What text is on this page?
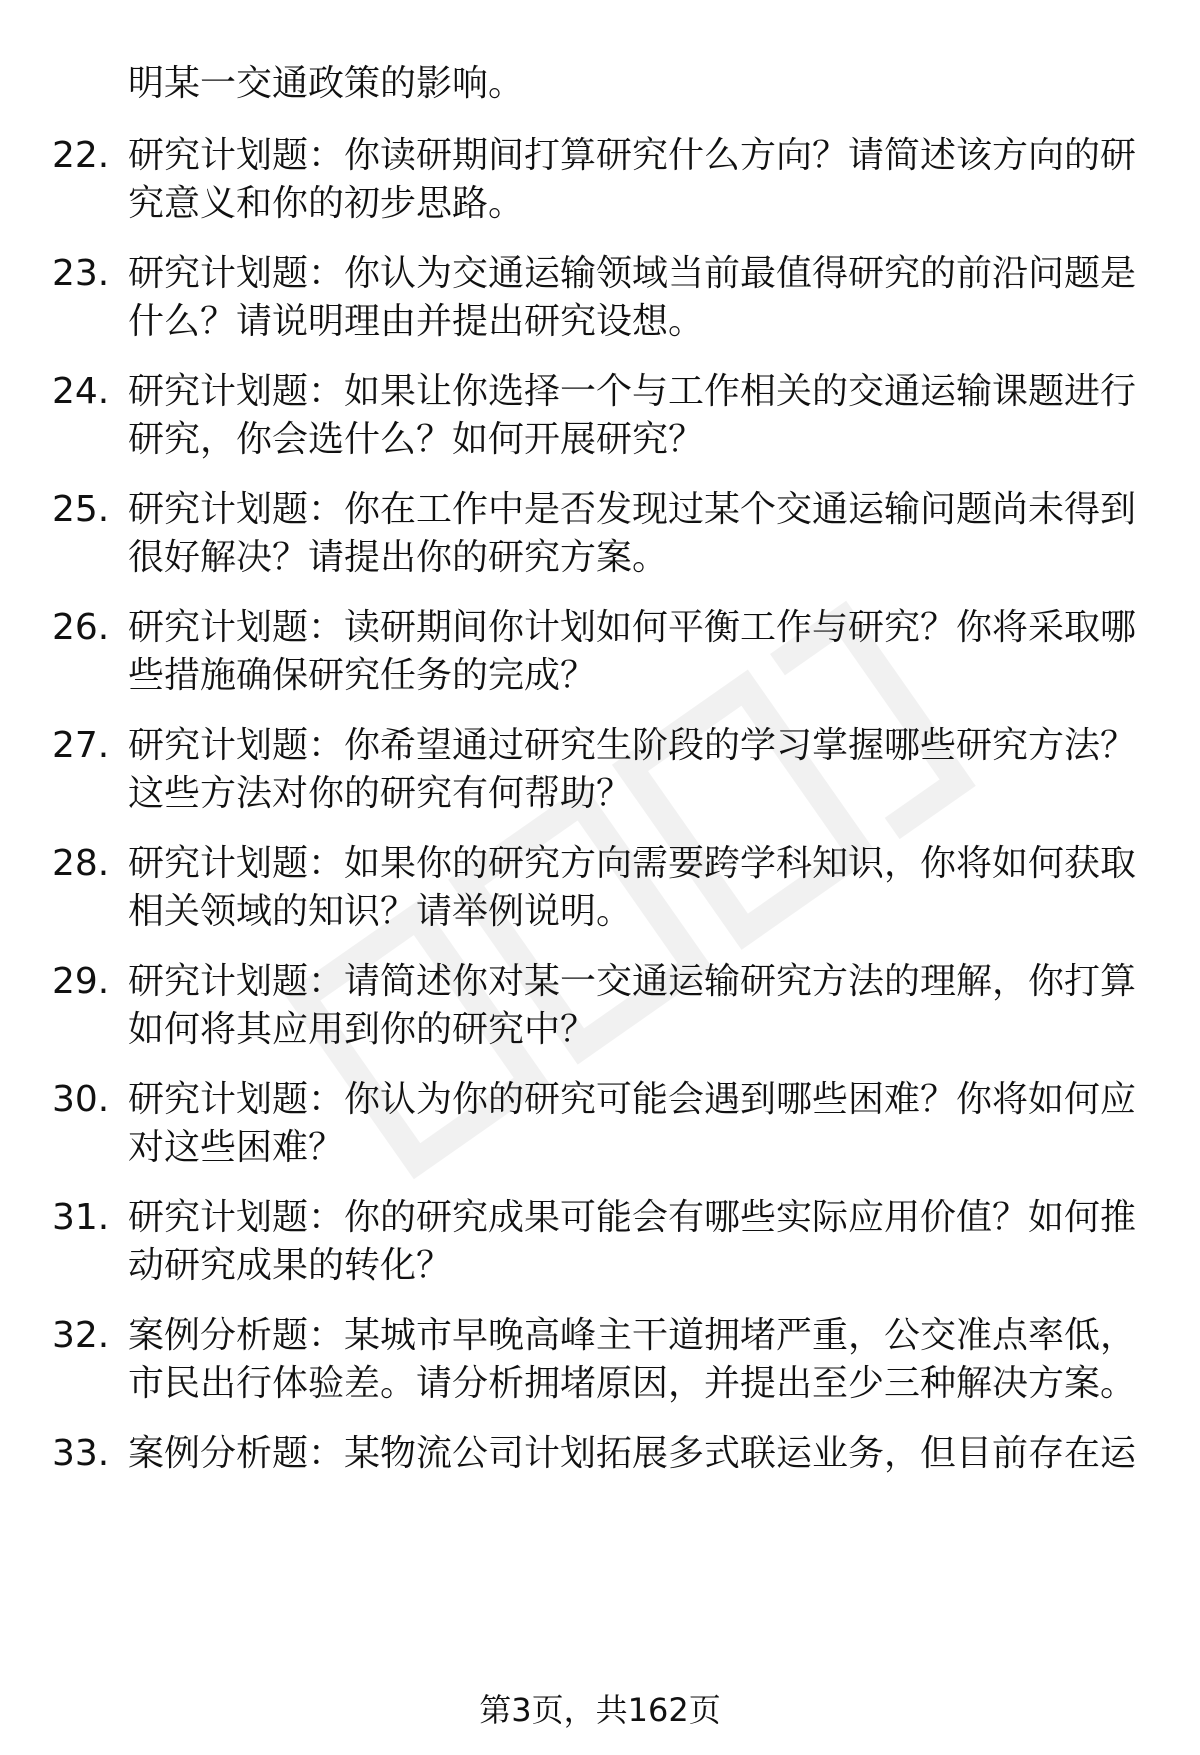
明某一交通政策的影响。

22. 研究计划题：你读研期间打算研究什么方向？请简述该方向的研究意义和你的初步思路。

23. 研究计划题：你认为交通运输领域当前最值得研究的前沿问题是什么？请说明理由并提出研究设想。

24. 研究计划题：如果让你选择一个与工作相关的交通运输课题进行研究，你会选什么？如何开展研究？

25. 研究计划题：你在工作中是否发现过某个交通运输问题尚未得到很好解决？请提出你的研究方案。

26. 研究计划题：读研期间你计划如何平衡工作与研究？你将采取哪些措施确保研究任务的完成？

27. 研究计划题：你希望通过研究生阶段的学习掌握哪些研究方法？这些方法对你的研究有何帮助？

28. 研究计划题：如果你的研究方向需要跨学科知识，你将如何获取相关领域的知识？请举例说明。

29. 研究计划题：请简述你对某一交通运输研究方法的理解，你打算如何将其应用到你的研究中？

30. 研究计划题：你认为你的研究可能会遇到哪些困难？你将如何应对这些困难？

31. 研究计划题：你的研究成果可能会有哪些实际应用价值？如何推动研究成果的转化？

32. 案例分析题：某城市早晚高峰主干道拥堵严重，公交准点率低，市民出行体验差。请分析拥堵原因，并提出至少三种解决方案。

33. 案例分析题：某物流公司计划拓展多式联运业务，但目前存在运

第3页，共162页
